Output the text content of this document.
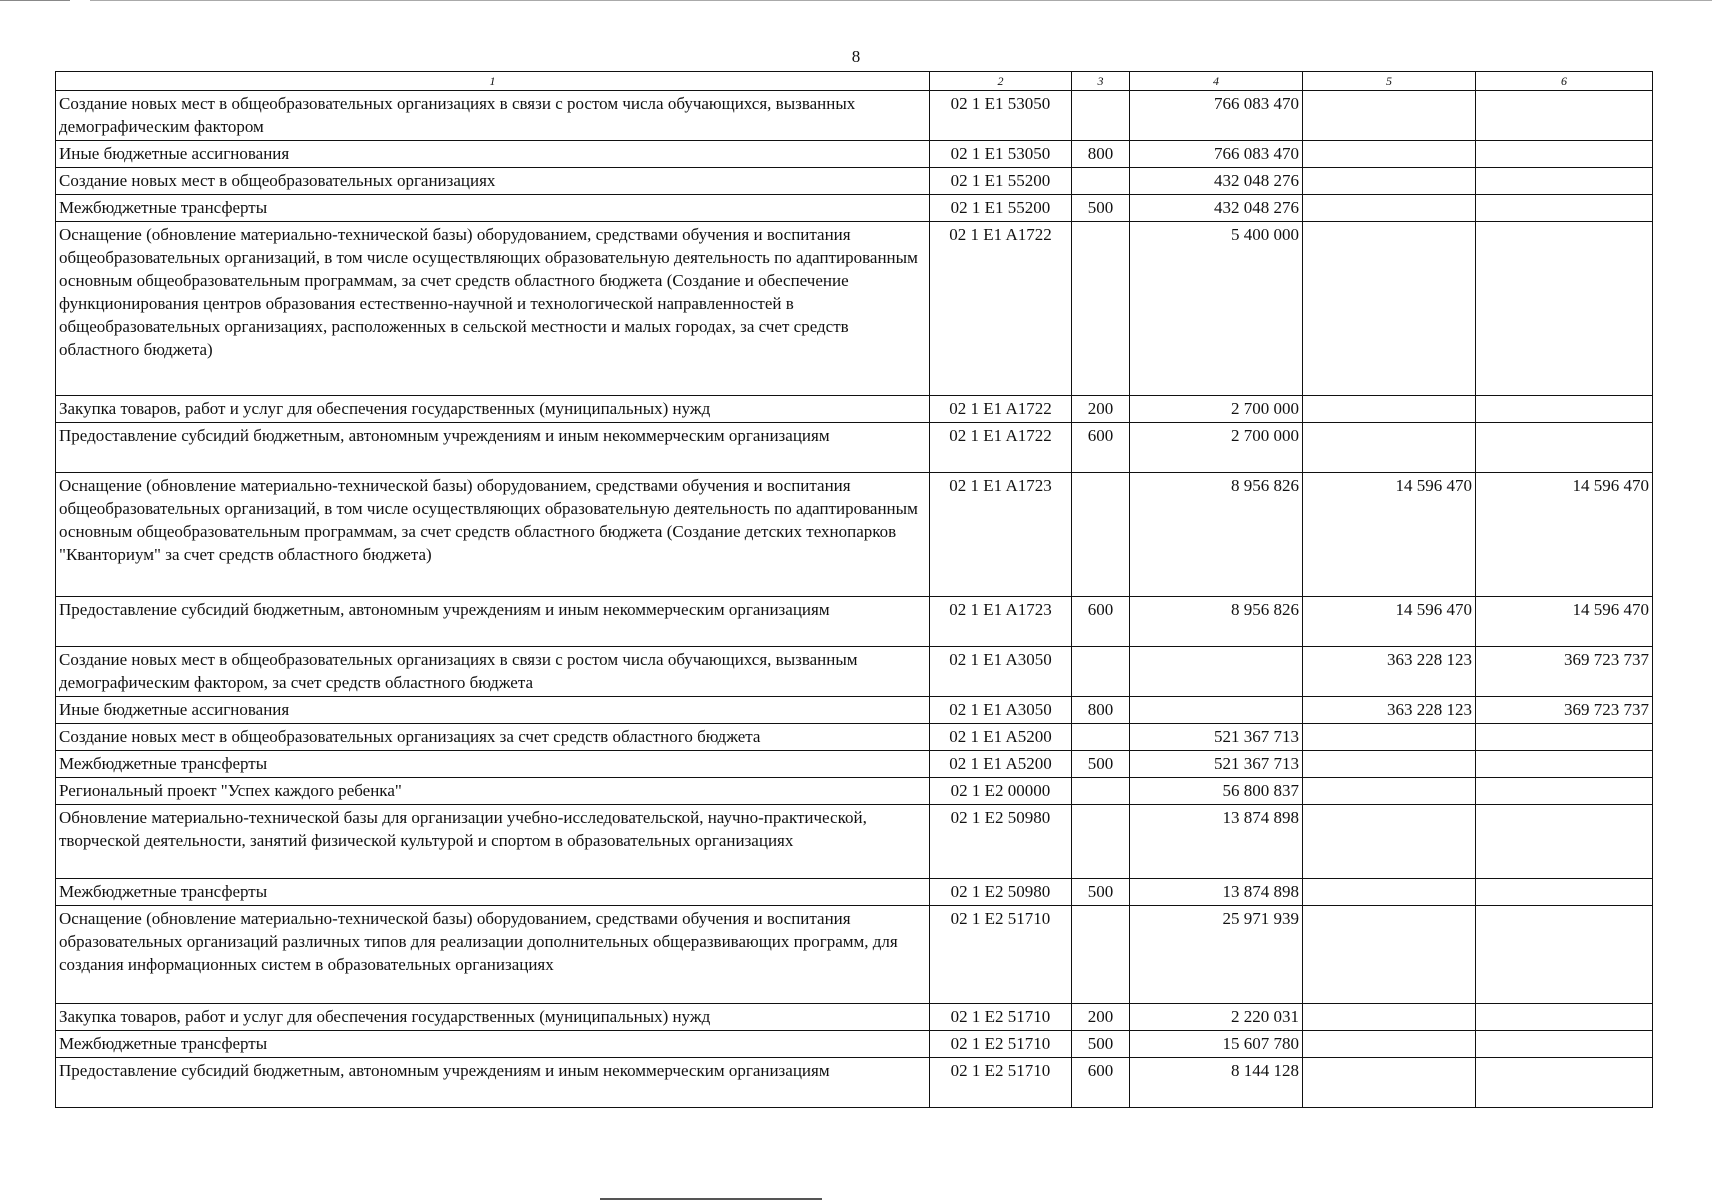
8
1	2	3	4	5	6
Создание новых мест в общеобразовательных организациях в связи с ростом числа обучающихся, вызванных демографическим фактором	02 1 E1 53050		766 083 470		
Иные бюджетные ассигнования	02 1 E1 53050	800	766 083 470		
Создание новых мест в общеобразовательных организациях	02 1 E1 55200		432 048 276		
Межбюджетные трансферты	02 1 E1 55200	500	432 048 276		
Оснащение (обновление материально-технической базы) оборудованием, средствами обучения и воспитания общеобразовательных организаций, в том числе осуществляющих образовательную деятельность по адаптированным основным общеобразовательным программам, за счет средств областного бюджета (Создание и обеспечение функционирования центров образования естественно-научной и технологической направленностей в общеобразовательных организациях, расположенных в сельской местности и малых городах, за счет средств областного бюджета)	02 1 E1 A1722		5 400 000		
Закупка товаров, работ и услуг для обеспечения государственных (муниципальных) нужд	02 1 E1 A1722	200	2 700 000		
Предоставление субсидий бюджетным, автономным учреждениям и иным некоммерческим организациям	02 1 E1 A1722	600	2 700 000		
Оснащение (обновление материально-технической базы) оборудованием, средствами обучения и воспитания общеобразовательных организаций, в том числе осуществляющих образовательную деятельность по адаптированным основным общеобразовательным программам, за счет средств областного бюджета (Создание детских технопарков "Кванториум" за счет средств областного бюджета)	02 1 E1 A1723		8 956 826	14 596 470	14 596 470
Предоставление субсидий бюджетным, автономным учреждениям и иным некоммерческим организациям	02 1 E1 A1723	600	8 956 826	14 596 470	14 596 470
Создание новых мест в общеобразовательных организациях в связи с ростом числа обучающихся, вызванным демографическим фактором, за счет средств областного бюджета	02 1 E1 A3050			363 228 123	369 723 737
Иные бюджетные ассигнования	02 1 E1 A3050	800		363 228 123	369 723 737
Создание новых мест в общеобразовательных организациях за счет средств областного бюджета	02 1 E1 A5200		521 367 713		
Межбюджетные трансферты	02 1 E1 A5200	500	521 367 713		
Региональный проект "Успех каждого ребенка"	02 1 E2 00000		56 800 837		
Обновление материально-технической базы для организации учебно-исследовательской, научно-практической, творческой деятельности, занятий физической культурой и спортом в образовательных организациях	02 1 E2 50980		13 874 898		
Межбюджетные трансферты	02 1 E2 50980	500	13 874 898		
Оснащение (обновление материально-технической базы) оборудованием, средствами обучения и воспитания образовательных организаций различных типов для реализации дополнительных общеразвивающих программ, для создания информационных систем в образовательных организациях	02 1 E2 51710		25 971 939		
Закупка товаров, работ и услуг для обеспечения государственных (муниципальных) нужд	02 1 E2 51710	200	2 220 031		
Межбюджетные трансферты	02 1 E2 51710	500	15 607 780		
Предоставление субсидий бюджетным, автономным учреждениям и иным некоммерческим организациям	02 1 E2 51710	600	8 144 128		
